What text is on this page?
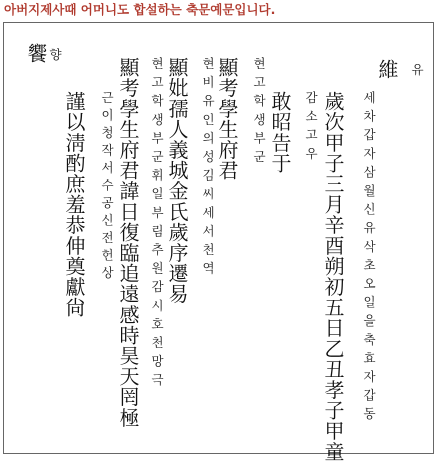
아버지제사때 어머니도 합설하는 축문예문입니다.
維 유
歲次甲子三月辛酉朔初五日乙丑孝子甲童 세차갑자삼월신유삭초오일을축효자갑동
감소고우
敢昭告于
현고학생부군
顯考學生府君
현비유인의성김씨세서천역
顯妣孺人義城金氏歲序遷易
현고학생부군휘일부림추원감시호천망극
顯考學生府君諱日復臨追遠感時昊天罔極
근이청작서수공신전헌상
謹以淸酌庶羞恭伸奠獻尙
饗 향
